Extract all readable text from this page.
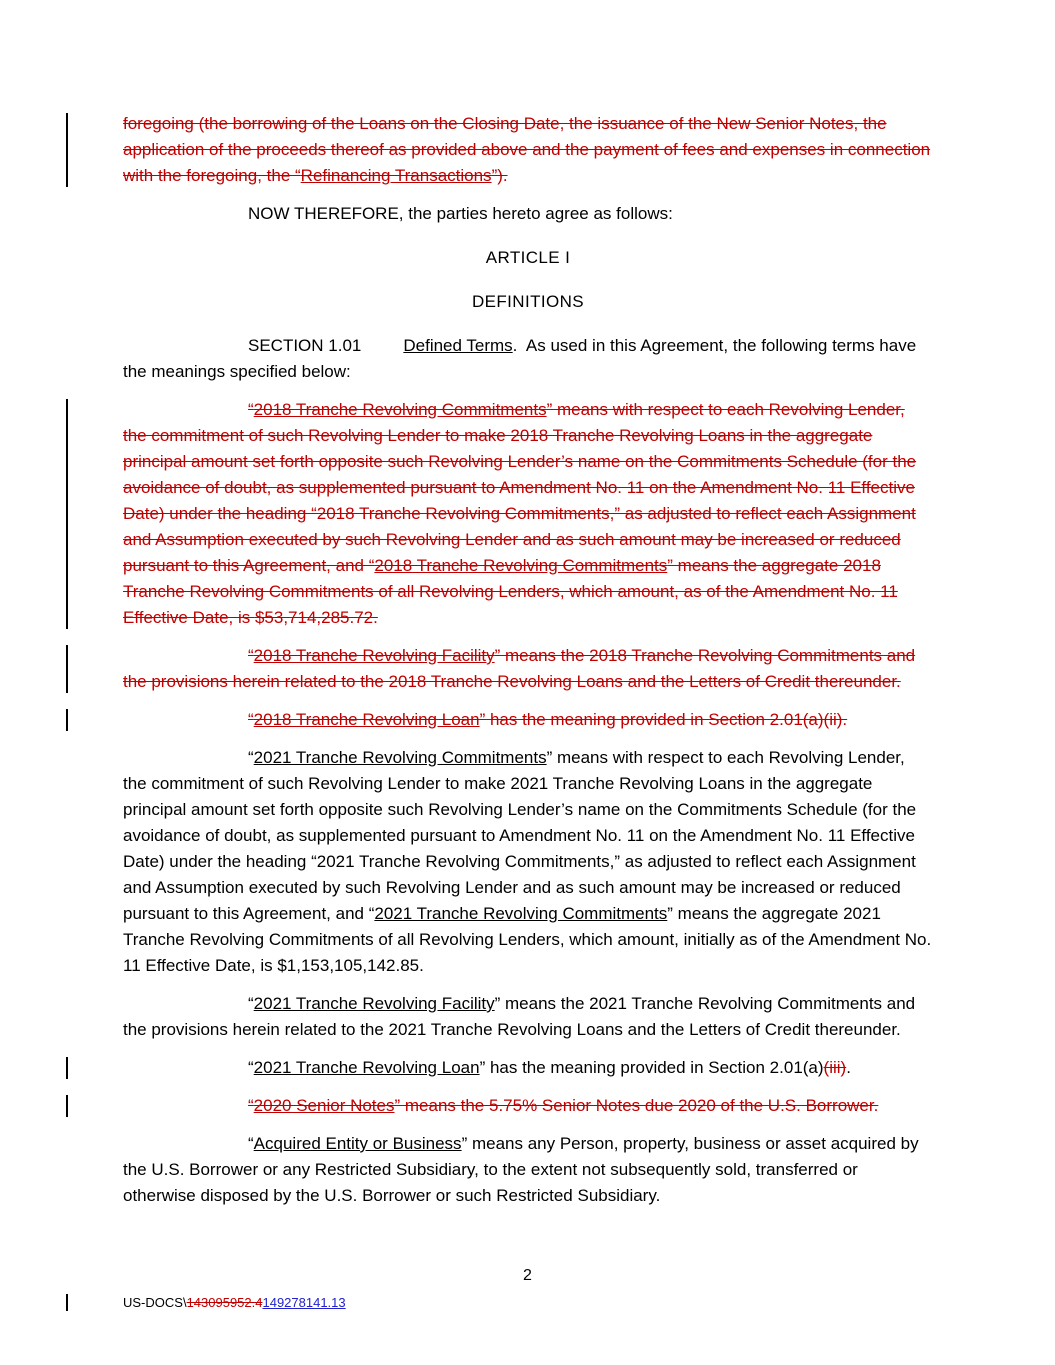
foregoing (the borrowing of the Loans on the Closing Date, the issuance of the New Senior Notes, the application of the proceeds thereof as provided above and the payment of fees and expenses in connection with the foregoing, the “Refinancing Transactions”).

NOW THEREFORE, the parties hereto agree as follows:

ARTICLE I

DEFINITIONS

SECTION 1.01 Defined Terms.  As used in this Agreement, the following terms have the meanings specified below:

“2018 Tranche Revolving Commitments” means with respect to each Revolving Lender, the commitment of such Revolving Lender to make 2018 Tranche Revolving Loans in the aggregate principal amount set forth opposite such Revolving Lender’s name on the Commitments Schedule (for the avoidance of doubt, as supplemented pursuant to Amendment No. 11 on the Amendment No. 11 Effective Date) under the heading “2018 Tranche Revolving Commitments,” as adjusted to reflect each Assignment and Assumption executed by such Revolving Lender and as such amount may be increased or reduced pursuant to this Agreement, and “2018 Tranche Revolving Commitments” means the aggregate 2018 Tranche Revolving Commitments of all Revolving Lenders, which amount, as of the Amendment No. 11 Effective Date, is $53,714,285.72.

“2018 Tranche Revolving Facility” means the 2018 Tranche Revolving Commitments and the provisions herein related to the 2018 Tranche Revolving Loans and the Letters of Credit thereunder.

“2018 Tranche Revolving Loan” has the meaning provided in Section 2.01(a)(ii).

“2021 Tranche Revolving Commitments” means with respect to each Revolving Lender, the commitment of such Revolving Lender to make 2021 Tranche Revolving Loans in the aggregate principal amount set forth opposite such Revolving Lender’s name on the Commitments Schedule (for the avoidance of doubt, as supplemented pursuant to Amendment No. 11 on the Amendment No. 11 Effective Date) under the heading “2021 Tranche Revolving Commitments,” as adjusted to reflect each Assignment and Assumption executed by such Revolving Lender and as such amount may be increased or reduced pursuant to this Agreement, and “2021 Tranche Revolving Commitments” means the aggregate 2021 Tranche Revolving Commitments of all Revolving Lenders, which amount, initially as of the Amendment No. 11 Effective Date, is $1,153,105,142.85.

“2021 Tranche Revolving Facility” means the 2021 Tranche Revolving Commitments and the provisions herein related to the 2021 Tranche Revolving Loans and the Letters of Credit thereunder.

“2021 Tranche Revolving Loan” has the meaning provided in Section 2.01(a)(iii).

“2020 Senior Notes” means the 5.75% Senior Notes due 2020 of the U.S. Borrower.

“Acquired Entity or Business” means any Person, property, business or asset acquired by the U.S. Borrower or any Restricted Subsidiary, to the extent not subsequently sold, transferred or otherwise disposed by the U.S. Borrower or such Restricted Subsidiary.

2
US-DOCS\143095952.4149278141.13
